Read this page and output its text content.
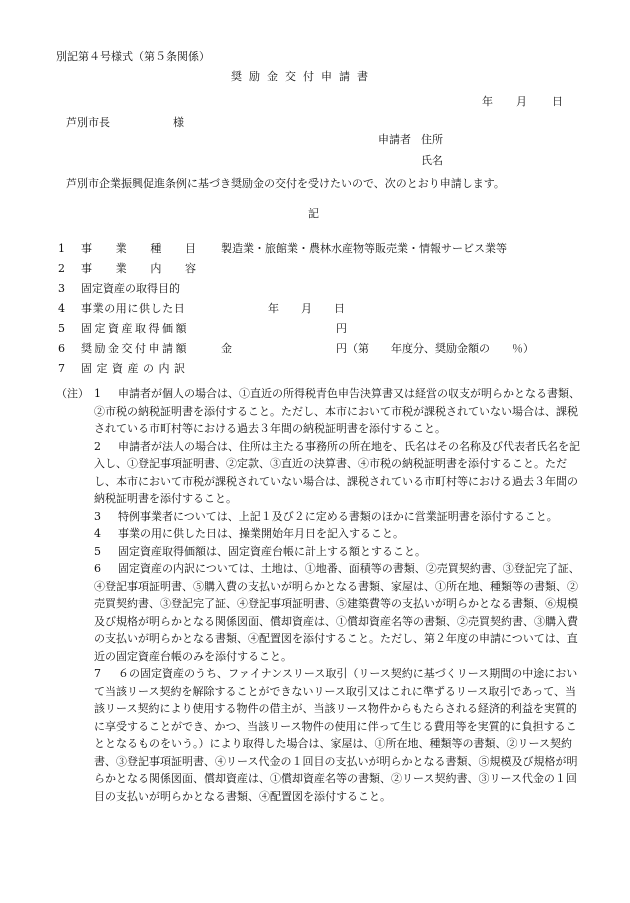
別記第４号様式（第５条関係）
奨励金交付申請書
年 月 日
芦別市長	様
申請者 住所
氏名
芦別市企業振興促進条例に基づき奨励金の交付を受けたいので、次のとおり申請します。
記
1 事 業 種 目 製造業・旅館業・農林水産物等販売業・情報サービス業等
2 事 業 内 容
3 固定資産の取得目的
4 事業の用に供した日	年　　月　　日
5 固定資産取得価額	円
6 奨励金交付申請額	金	円（第　　年度分、奨励金額の　　％）
7 固定資産の内訳
（注） 1	申請者が個人の場合は、①直近の所得税青色申告決算書又は経営の収支が明らかとなる書類、②市税の納税証明書を添付すること。ただし、本市において市税が課税されていない場合は、課税されている市町村等における過去３年間の納税証明書を添付すること。
2	申請者が法人の場合は、住所は主たる事務所の所在地を、氏名はその名称及び代表者氏名を記入し、①登記事項証明書、②定款、③直近の決算書、④市税の納税証明書を添付すること。ただし、本市において市税が課税されていない場合は、課税されている市町村等における過去３年間の納税証明書を添付すること。
3	特例事業者については、上記１及び２に定める書類のほかに営業証明書を添付すること。
4	事業の用に供した日は、操業開始年月日を記入すること。
5	固定資産取得価額は、固定資産台帳に計上する額とすること。
6	固定資産の内訳については、土地は、①地番、面積等の書類、②売買契約書、③登記完了証、④登記事項証明書、⑤購入費の支払いが明らかとなる書類、家屋は、①所在地、種類等の書類、②売買契約書、③登記完了証、④登記事項証明書、⑤建築費等の支払いが明らかとなる書類、⑥規模及び規格が明らかとなる関係図面、償却資産は、①償却資産名等の書類、②売買契約書、③購入費の支払いが明らかとなる書類、④配置図を添付すること。ただし、第２年度の申請については、直近の固定資産台帳のみを添付すること。
7	６の固定資産のうち、ファイナンスリース取引（リース契約に基づくリース期間の中途において当該リース契約を解除することができないリース取引又はこれに準ずるリース取引であって、当該リース契約により使用する物件の借主が、当該リース物件からもたらされる経済的利益を実質的に享受することができ、かつ、当該リース物件の使用に伴って生じる費用等を実質的に負担することとなるものをいう。）により取得した場合は、家屋は、①所在地、種類等の書類、②リース契約書、③登記事項証明書、④リース代金の１回目の支払いが明らかとなる書類、⑤規模及び規格が明らかとなる関係図面、償却資産は、①償却資産名等の書類、②リース契約書、③リース代金の１回目の支払いが明らかとなる書類、④配置図を添付すること。
